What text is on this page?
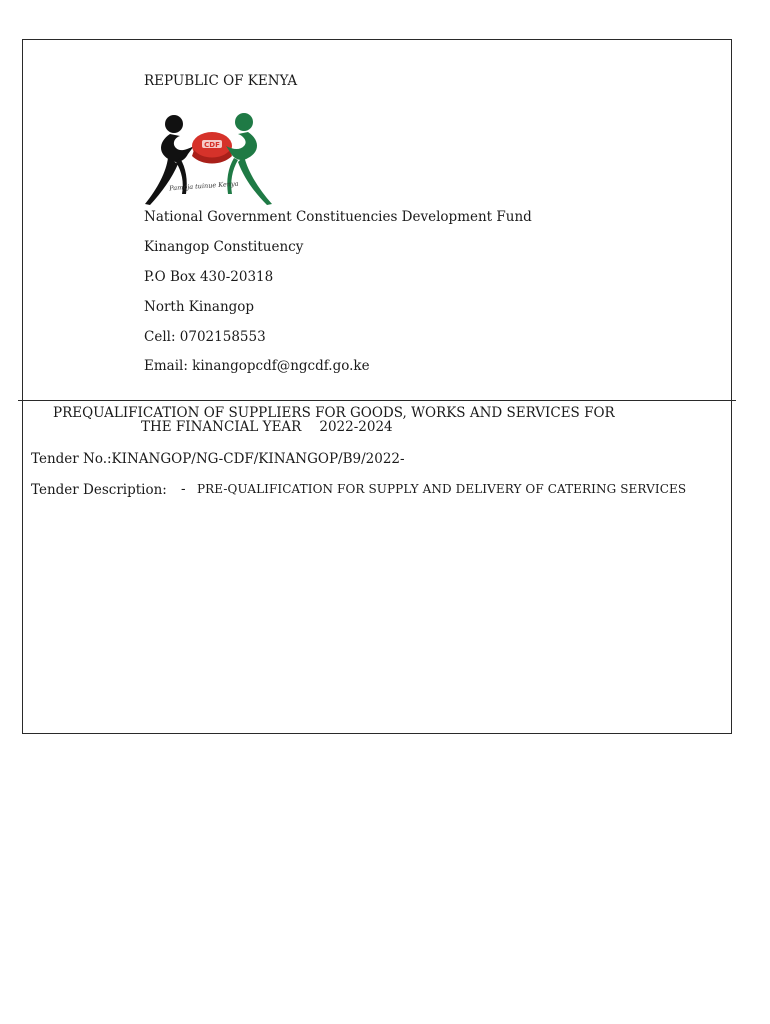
REPUBLIC OF KENYA
CDF
Pamoja tuinue Kenya
National Government Constituencies Development Fund
Kinangop Constituency
P.O Box 430-20318
North Kinangop
Cell: 0702158553
Email: kinangopcdf@ngcdf.go.ke
PREQUALIFICATION OF SUPPLIERS FOR GOODS, WORKS AND SERVICES FOR
THE FINANCIAL YEAR 2022-2024
Tender No.:KINANGOP/NG-CDF/KINANGOP/B9/2022-
Tender Description: - PRE-QUALIFICATION FOR SUPPLY AND DELIVERY OF CATERING SERVICES
